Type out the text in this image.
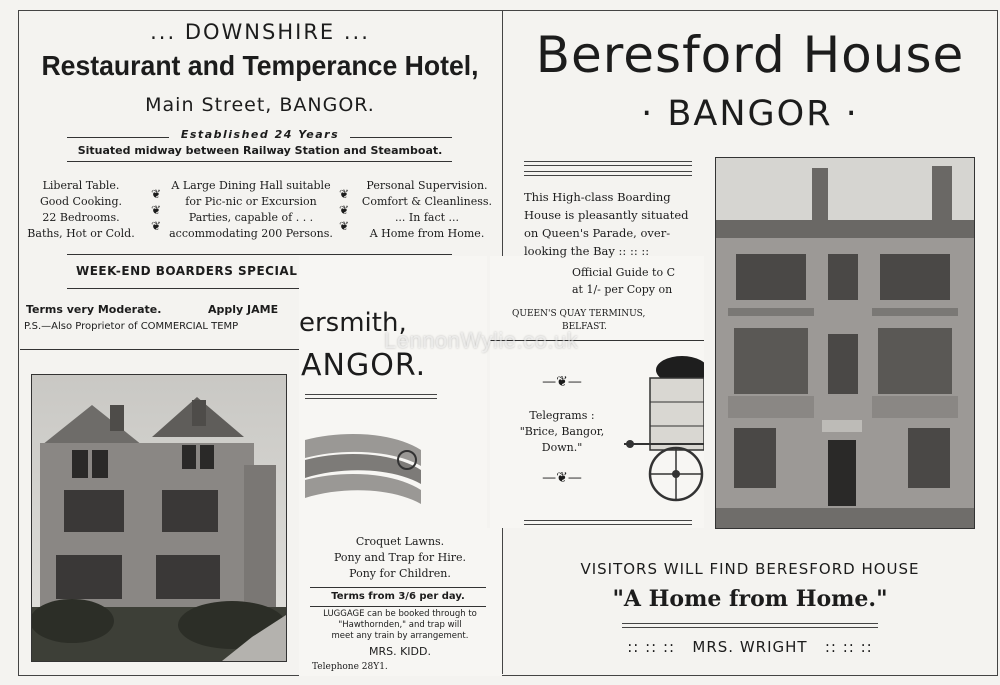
... DOWNSHIRE ...
Restaurant and Temperance Hotel,
Main Street, BANGOR.
Established 24 Years
Situated midway between Railway Station and Steamboat.
Liberal Table.
Good Cooking.
22 Bedrooms.
Baths, Hot or Cold.
❦
❦
❦
A Large Dining Hall suitable
for Pic-nic or Excursion
Parties, capable of . . .
accommodating 200 Persons.
❦
❦
❦
Personal Supervision.
Comfort & Cleanliness.
... In fact ...
A Home from Home.
WEEK-END BOARDERS SPECIAL
Terms very Moderate.	Apply JAME
P.S.—Also Proprietor of COMMERCIAL TEMP ersmith,
ANGOR.
Croquet Lawns.
Pony and Trap for Hire.
Pony for Children.
Terms from 3/6 per day.
LUGGAGE can be booked through to
"Hawthornden," and trap will
meet any train by arrangement.
MRS. KIDD.
Telephone 28Y1.
Official Guide to C
at 1/- per Copy on
QUEEN'S QUAY TERMINUS,
BELFAST.
—❦—
Telegrams :
"Brice, Bangor,
Down."
—❦—
Beresford House
· BANGOR ·
This High-class Boarding
House is pleasantly situated
on Queen's Parade, over-
looking the Bay :: :: ::
VISITORS WILL FIND BERESFORD HOUSE
"A Home from Home."
:: :: ::   MRS. WRIGHT   :: :: ::
LennonWylie.co.uk
